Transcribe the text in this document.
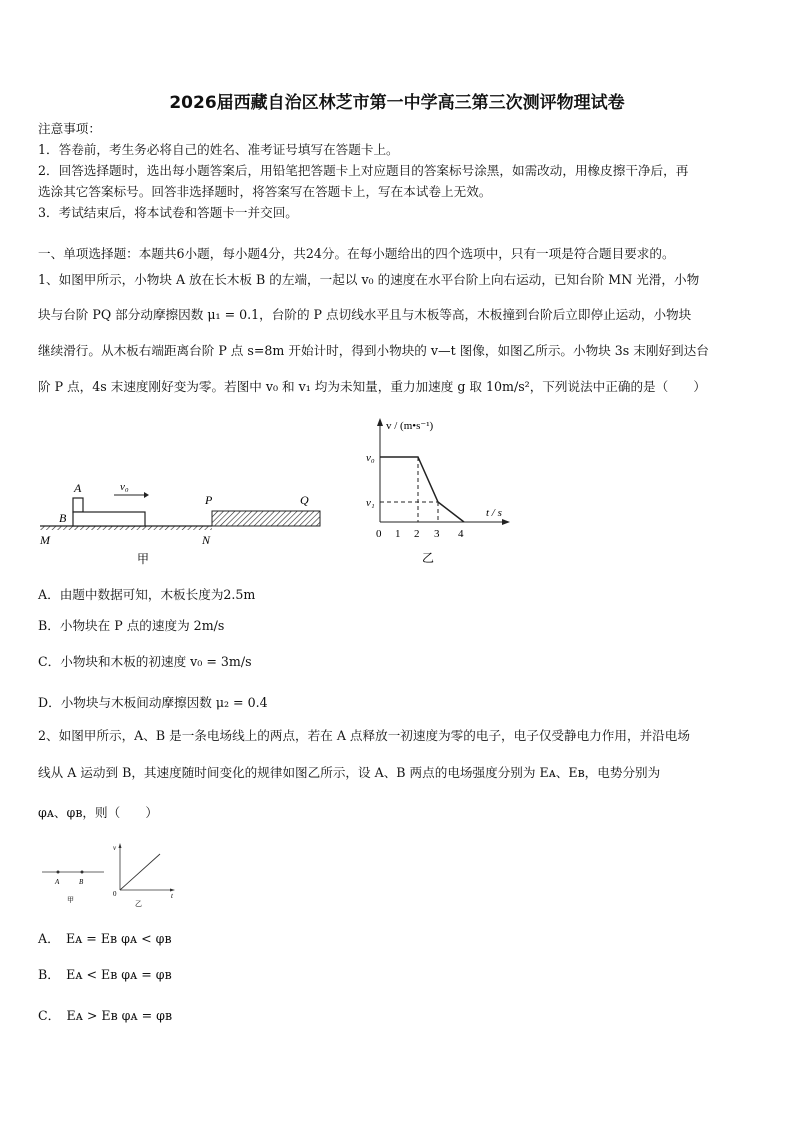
2026届西藏自治区林芝市第一中学高三第三次测评物理试卷
注意事项：
1．答卷前，考生务必将自己的姓名、准考证号填写在答题卡上。
2．回答选择题时，选出每小题答案后，用铅笔把答题卡上对应题目的答案标号涂黑，如需改动，用橡皮擦干净后，再
选涂其它答案标号。回答非选择题时，将答案写在答题卡上，写在本试卷上无效。
3．考试结束后，将本试卷和答题卡一并交回。
一、单项选择题：本题共6小题，每小题4分，共24分。在每小题给出的四个选项中，只有一项是符合题目要求的。
1、如图甲所示，小物块 A 放在长木板 B 的左端，一起以 v₀ 的速度在水平台阶上向右运动，已知台阶 MN 光滑，小物
块与台阶 PQ 部分动摩擦因数 μ₁ = 0.1，台阶的 P 点切线水平且与木板等高，木板撞到台阶后立即停止运动，小物块
继续滑行。从木板右端距离台阶 P 点 s=8m 开始计时，得到小物块的 v—t 图像，如图乙所示。小物块 3s 末刚好到达台
阶 P 点，4s 末速度刚好变为零。若图中 v₀ 和 v₁ 均为未知量，重力加速度 g 取 10m/s²，下列说法中正确的是（　　）
A
B
v₀
P	Q
M	N
甲
v / (m•s⁻¹)
t / s
v₀
v₁
0 1 2 3 4
乙
A．由题中数据可知，木板长度为2.5m
B．小物块在 P 点的速度为 2m/s
C．小物块和木板的初速度 v₀ = 3m/s
D．小物块与木板间动摩擦因数 μ₂ = 0.4
2、如图甲所示，A、B 是一条电场线上的两点，若在 A 点释放一初速度为零的电子，电子仅受静电力作用，并沿电场
线从 A 运动到 B，其速度随时间变化的规律如图乙所示，设 A、B 两点的电场强度分别为 Eᴀ、Eʙ，电势分别为
φᴀ、φʙ，则（　　）
A	B
甲
v
t
0
乙
A．　Eᴀ = Eʙ φᴀ < φʙ
B．　Eᴀ < Eʙ φᴀ = φʙ
C．　Eᴀ > Eʙ φᴀ = φʙ
